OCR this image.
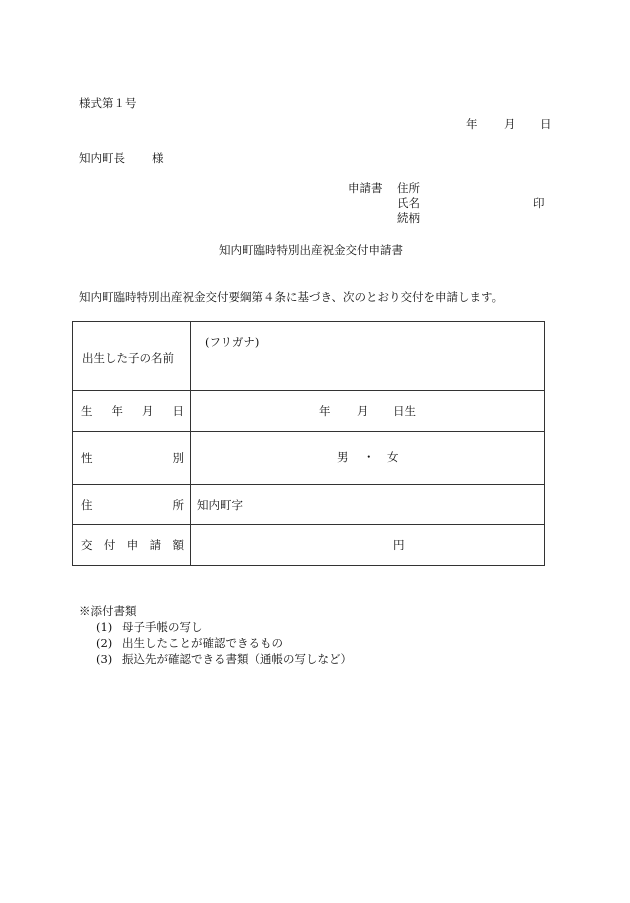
様式第１号
年 月 日
知内町長 様
申請書 住所
氏名
続柄
印
知内町臨時特別出産祝金交付申請書
知内町臨時特別出産祝金交付要綱第４条に基づき、次のとおり交付を申請します。
出生した子の名前	(フリガナ)

生 年 月 日	年 月 日生

性 別	男 ・ 女

住 所	知内町字

交 付 申 請 額	円
※添付書類
(1) 母子手帳の写し
(2) 出生したことが確認できるもの
(3) 振込先が確認できる書類（通帳の写しなど）
